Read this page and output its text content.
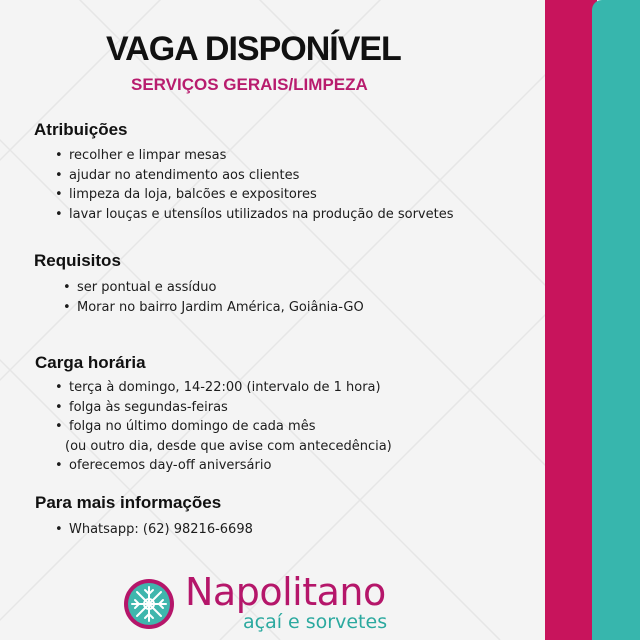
VAGA DISPONÍVEL
SERVIÇOS GERAIS/LIMPEZA
Atribuições
• recolher e limpar mesas
• ajudar no atendimento aos clientes
• limpeza da loja, balcões e expositores
• lavar louças e utensílos utilizados na produção de sorvetes
Requisitos
• ser pontual e assíduo
• Morar no bairro Jardim América, Goiânia-GO
Carga horária
• terça à domingo, 14-22:00 (intervalo de 1 hora)
• folga às segundas-feiras
• folga no último domingo de cada mês
(ou outro dia, desde que avise com antecedência)
• oferecemos day-off aniversário
Para mais informações
• Whatsapp: (62) 98216-6698

Napolitano

açaí e sorvetes
